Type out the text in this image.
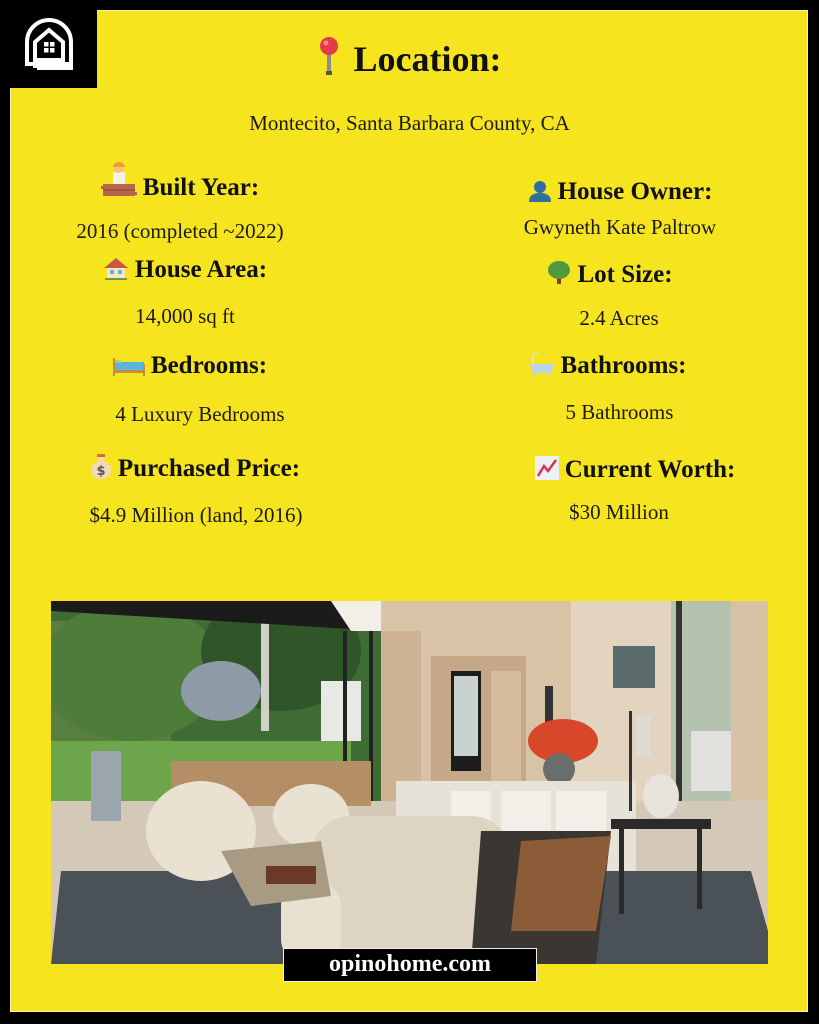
Location:
Montecito, Santa Barbara County, CA
Built Year:
2016 (completed ~2022)
House Area:
14,000 sq ft
Bedrooms:
4 Luxury Bedrooms
$ Purchased Price:
$4.9 Million (land, 2016)
House Owner:
Gwyneth Kate Paltrow
Lot Size:
2.4 Acres
Bathrooms:
5 Bathrooms
Current Worth:
$30 Million
opinohome.com
